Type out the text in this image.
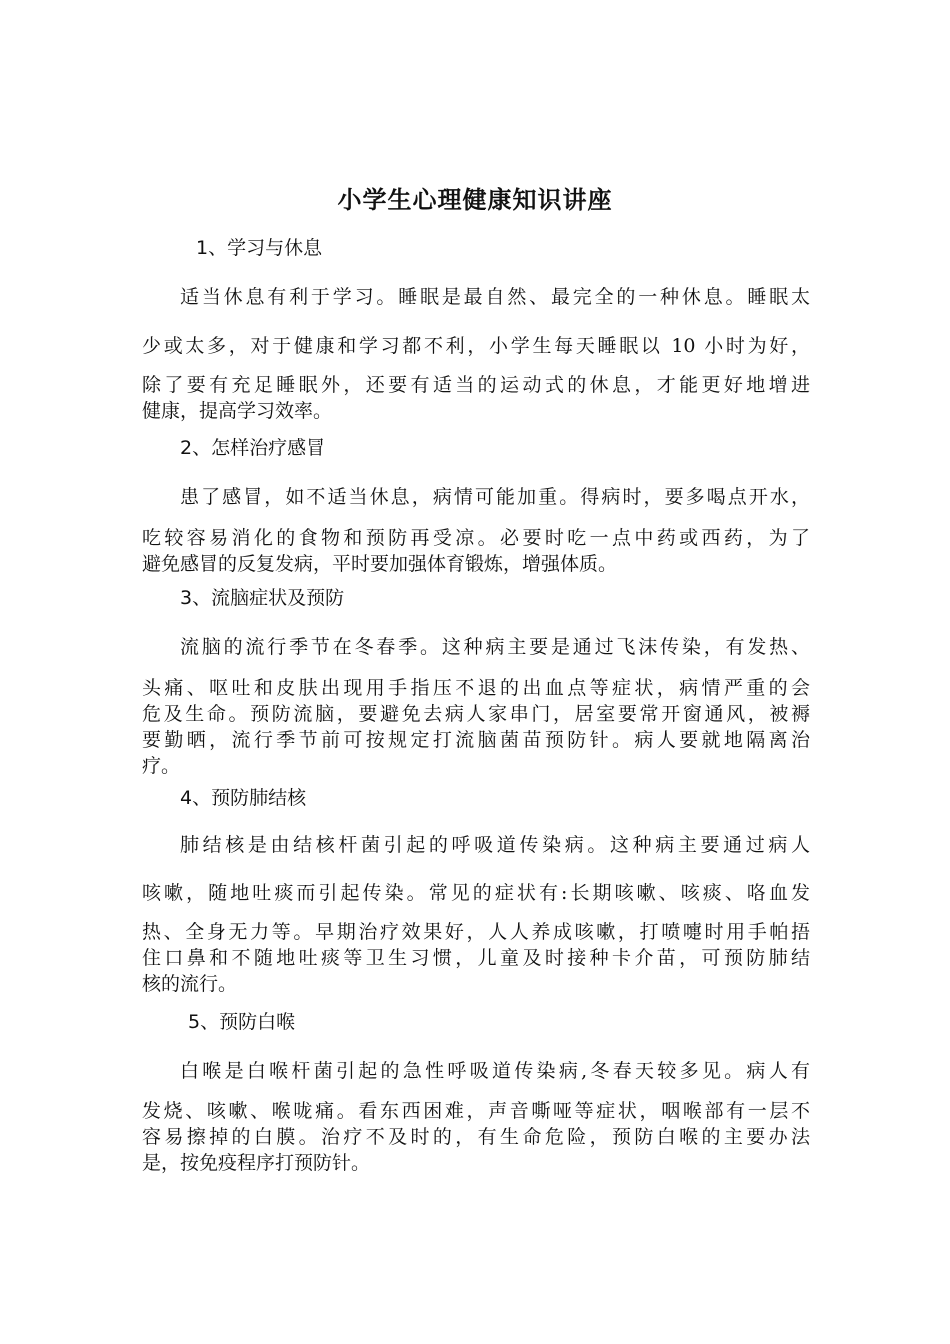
小学生心理健康知识讲座
1、学习与休息
适当休息有利于学习。睡眠是最自然、最完全的一种休息。睡眠太
少或太多，对于健康和学习都不利，小学生每天睡眠以 10 小时为好，
除了要有充足睡眠外，还要有适当的运动式的休息，才能更好地增进
健康，提高学习效率。
2、怎样治疗感冒
患了感冒，如不适当休息，病情可能加重。得病时，要多喝点开水，
吃较容易消化的食物和预防再受凉。必要时吃一点中药或西药，为了
避免感冒的反复发病，平时要加强体育锻炼，增强体质。
3、流脑症状及预防
流脑的流行季节在冬春季。这种病主要是通过飞沫传染，有发热、
头痛、呕吐和皮肤出现用手指压不退的出血点等症状，病情严重的会
危及生命。预防流脑，要避免去病人家串门，居室要常开窗通风，被褥
要勤晒，流行季节前可按规定打流脑菌苗预防针。病人要就地隔离治
疗。
4、预防肺结核
肺结核是由结核杆菌引起的呼吸道传染病。这种病主要通过病人
咳嗽，随地吐痰而引起传染。常见的症状有:长期咳嗽、咳痰、咯血发
热、全身无力等。早期治疗效果好，人人养成咳嗽，打喷嚏时用手帕捂
住口鼻和不随地吐痰等卫生习惯，儿童及时接种卡介苗，可预防肺结
核的流行。
5、预防白喉
白喉是白喉杆菌引起的急性呼吸道传染病,冬春天较多见。病人有
发烧、咳嗽、喉咙痛。看东西困难，声音嘶哑等症状，咽喉部有一层不
容易擦掉的白膜。治疗不及时的，有生命危险，预防白喉的主要办法
是，按免疫程序打预防针。
